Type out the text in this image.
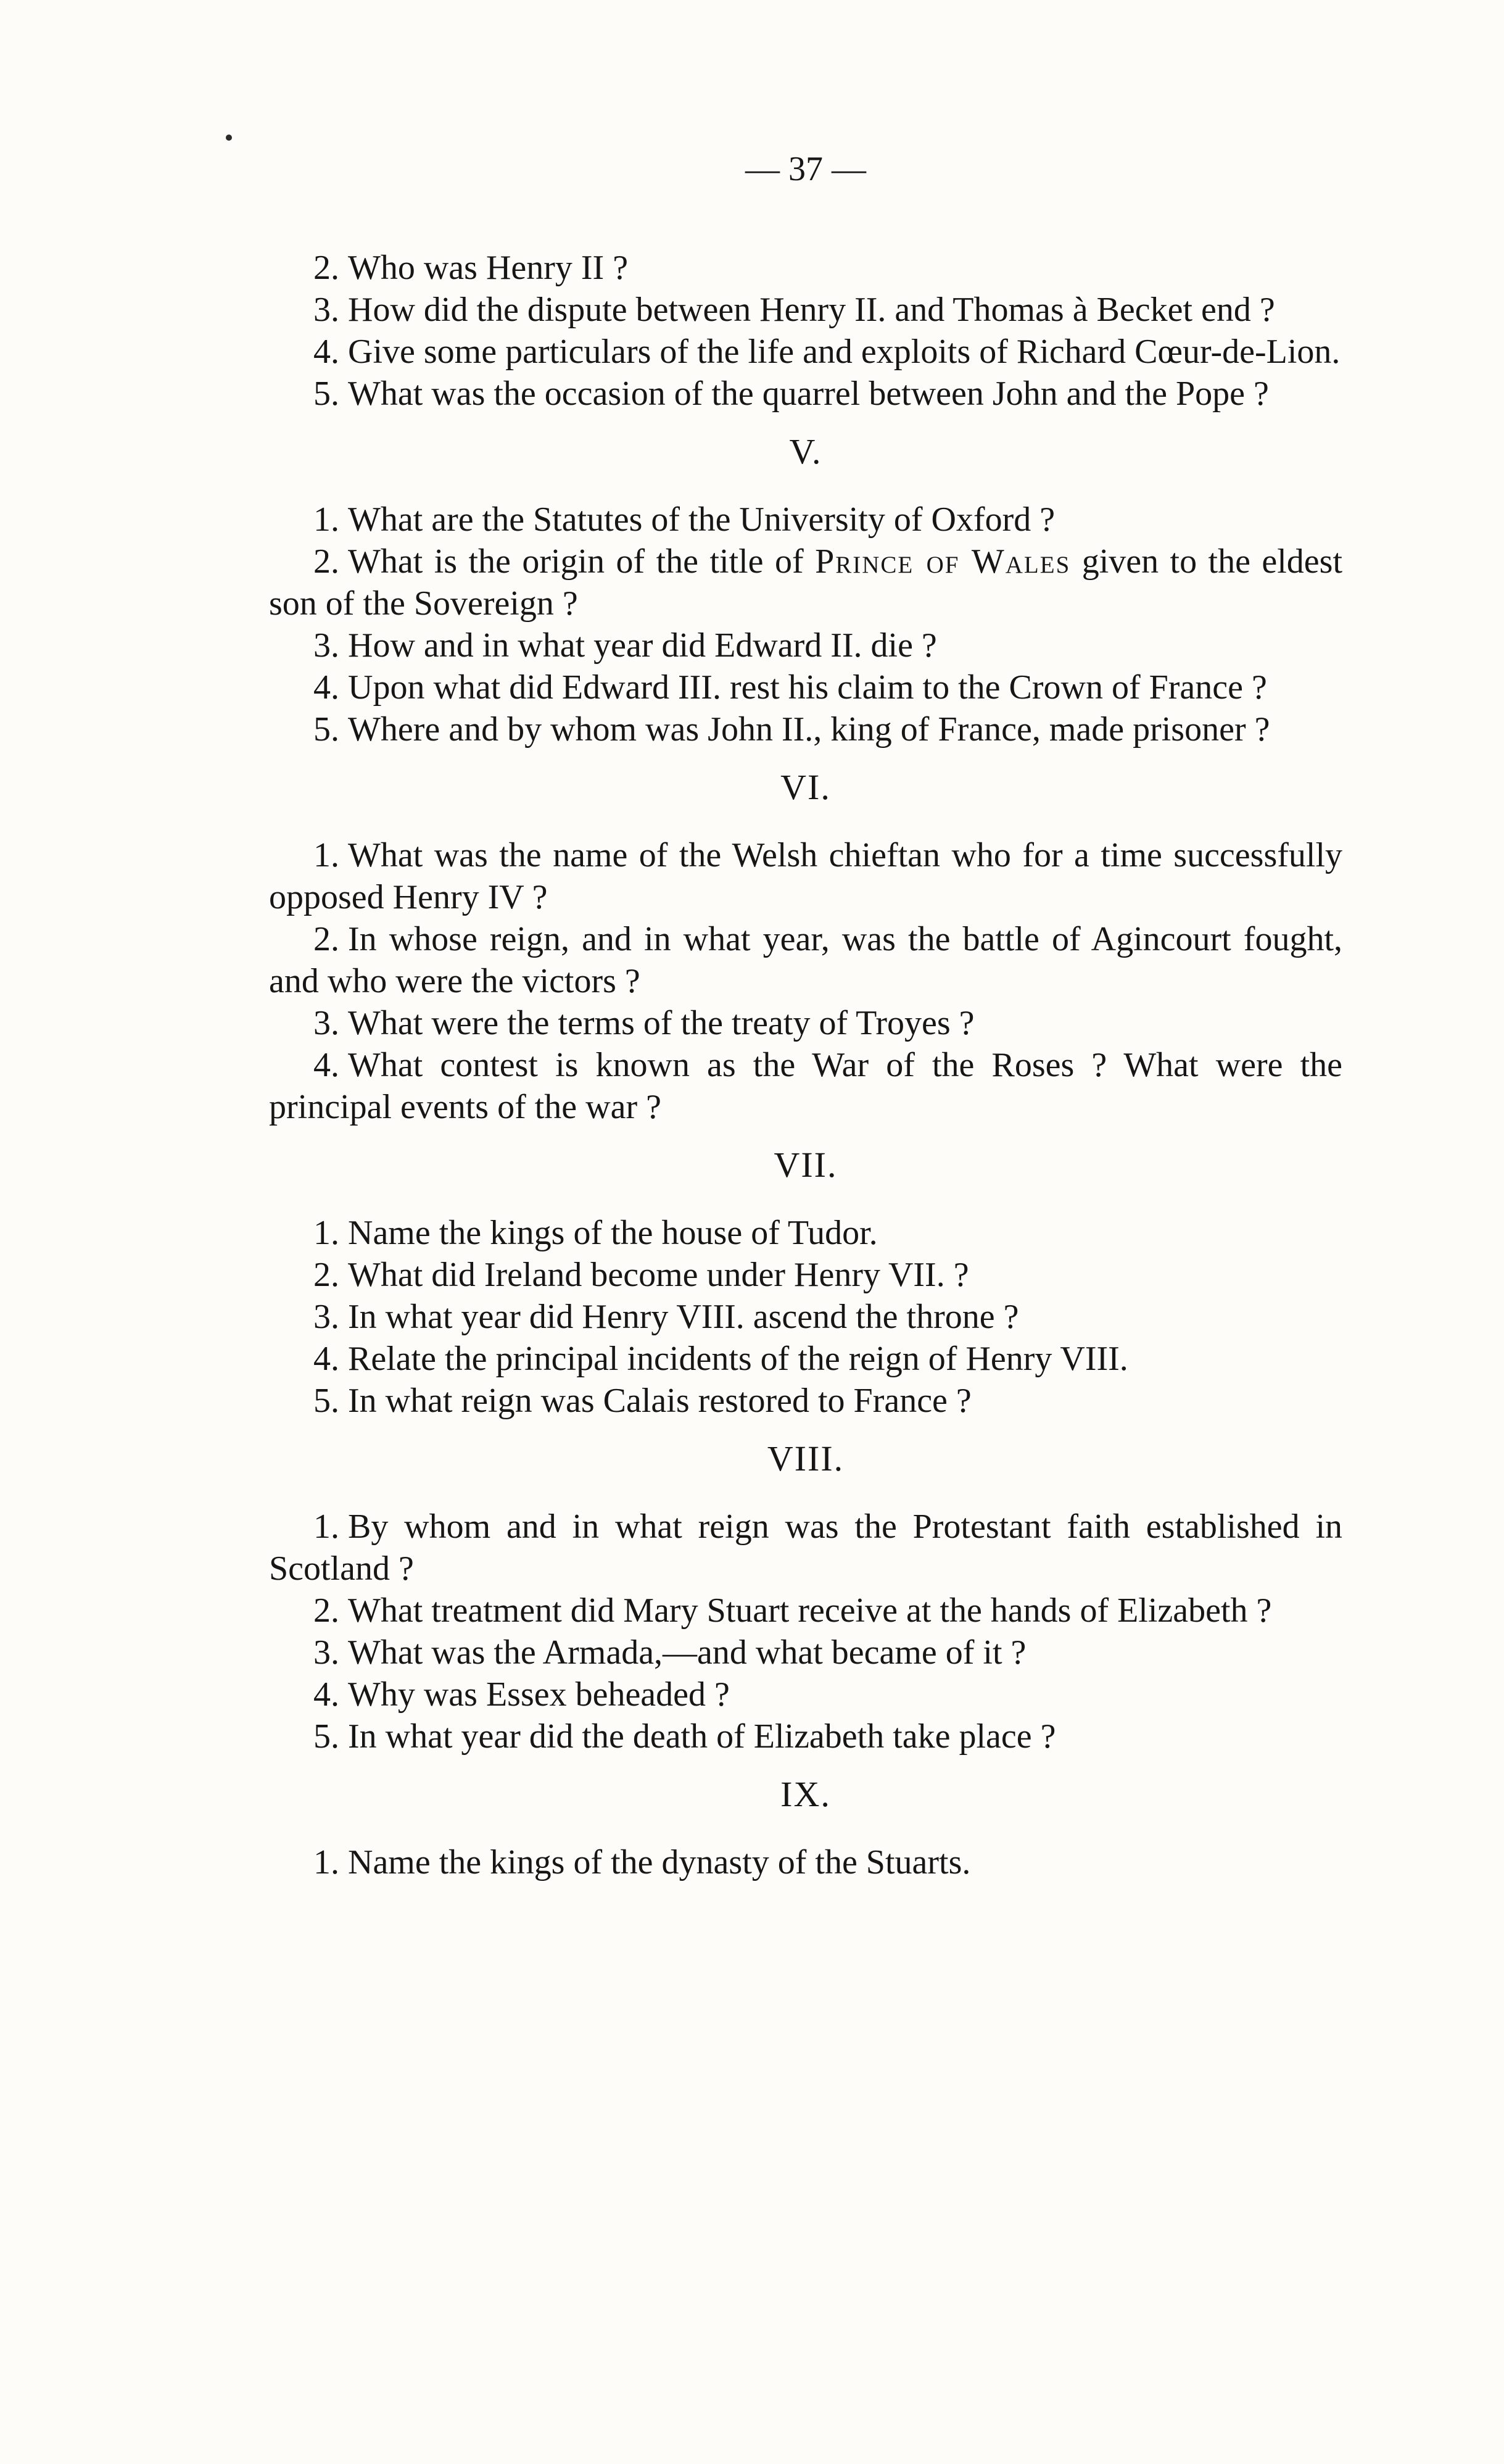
— 37 —

2. Who was Henry II ?

3. How did the dispute between Henry II. and Thomas à Becket end ?

4. Give some particulars of the life and exploits of Richard Cœur-de-Lion.

5. What was the occasion of the quarrel between John and the Pope ?

V.

1. What are the Statutes of the University of Oxford ?

2. What is the origin of the title of Prince of Wales given to the eldest son of the Sovereign ?

3. How and in what year did Edward II. die ?

4. Upon what did Edward III. rest his claim to the Crown of France ?

5. Where and by whom was John II., king of France, made prisoner ?

VI.

1. What was the name of the Welsh chieftan who for a time successfully opposed Henry IV ?

2. In whose reign, and in what year, was the battle of Agincourt fought, and who were the victors ?

3. What were the terms of the treaty of Troyes ?

4. What contest is known as the War of the Roses ? What were the principal events of the war ?

VII.

1. Name the kings of the house of Tudor.

2. What did Ireland become under Henry VII. ?

3. In what year did Henry VIII. ascend the throne ?

4. Relate the principal incidents of the reign of Henry VIII.

5. In what reign was Calais restored to France ?

VIII.

1. By whom and in what reign was the Protestant faith established in Scotland ?

2. What treatment did Mary Stuart receive at the hands of Elizabeth ?

3. What was the Armada,—and what became of it ?

4. Why was Essex beheaded ?

5. In what year did the death of Elizabeth take place ?

IX.

1. Name the kings of the dynasty of the Stuarts.
